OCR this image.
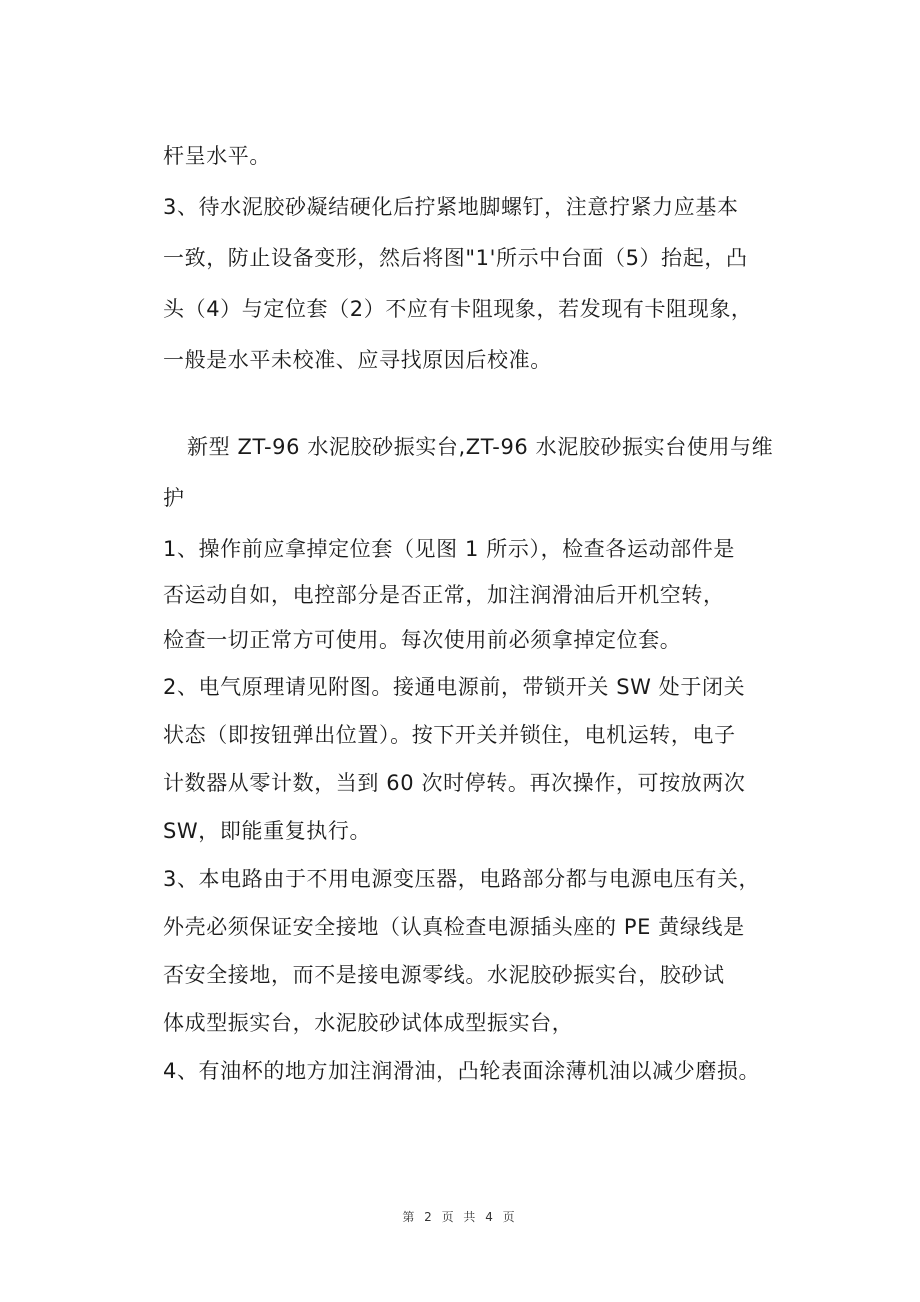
杆呈水平。
3、待水泥胶砂凝结硬化后拧紧地脚螺钉，注意拧紧力应基本
一致，防止设备变形，然后将图"1'所示中台面（5）抬起，凸
头（4）与定位套（2）不应有卡阻现象，若发现有卡阻现象，
一般是水平未校准、应寻找原因后校准。
新型 ZT-96 水泥胶砂振实台,ZT-96 水泥胶砂振实台使用与维
护
1、操作前应拿掉定位套（见图 1 所示），检查各运动部件是
否运动自如，电控部分是否正常，加注润滑油后开机空转，
检查一切正常方可使用。每次使用前必须拿掉定位套。
2、电气原理请见附图。接通电源前，带锁开关 SW 处于闭关
状态（即按钮弹出位置）。按下开关并锁住，电机运转，电子
计数器从零计数，当到 60 次时停转。再次操作，可按放两次
SW，即能重复执行。
3、本电路由于不用电源变压器，电路部分都与电源电压有关，
外壳必须保证安全接地（认真检查电源插头座的 PE 黄绿线是
否安全接地，而不是接电源零线。水泥胶砂振实台，胶砂试
体成型振实台，水泥胶砂试体成型振实台，
4、有油杯的地方加注润滑油，凸轮表面涂薄机油以减少磨损。
第 2 页 共 4 页
